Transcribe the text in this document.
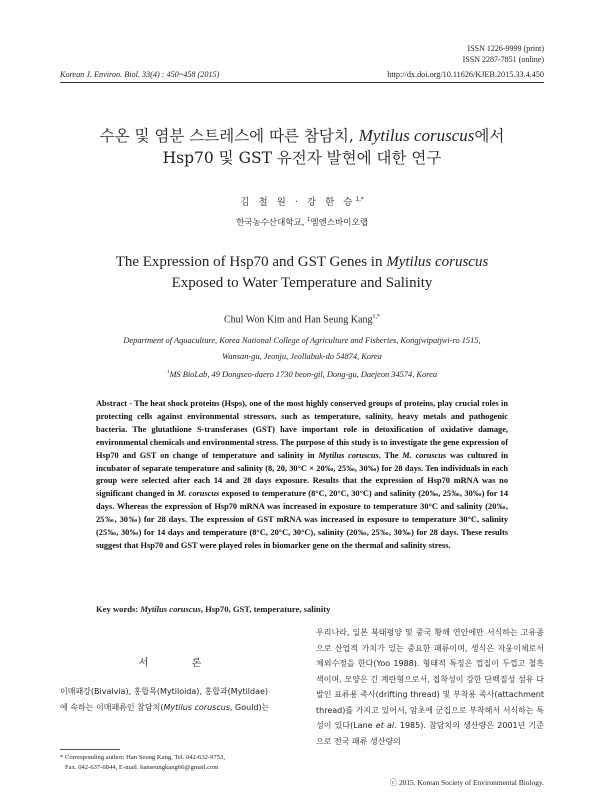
ISSN 1226-9999 (print)
ISSN 2287-7851 (online)
Korean J. Environ. Biol. 33(4) : 450~458 (2015)	http://dx.doi.org/10.11626/KJEB.2015.33.4.450
수온 및 염분 스트레스에 따른 참담치, Mytilus coruscus에서
Hsp70 및 GST 유전자 발현에 대한 연구
김 철 원 · 강 한 승$^{1,*}$
한국농수산대학교, $^1$엠엔스바이오랩
The Expression of Hsp70 and GST Genes in Mytilus coruscus
Exposed to Water Temperature and Salinity
Chul Won Kim and Han Seung Kang$^{1,*}$
Department of Aquaculture, Korea National College of Agriculture and Fisheries, Kongjwipatjwi-ro 1515,
Wansan-gu, Jeonju, Jeollabuk-do 54874, Korea
$^1$MS BioLab, 49 Dongseo-daero 1730 beon-gil, Dong-gu, Daejeon 34574, Korea
Abstract - The heat shock proteins (Hsps), one of the most highly conserved groups of proteins, play crucial roles in protecting cells against environmental stressors, such as temperature, salinity, heavy metals and pathogenic bacteria. The glutathione S-transferases (GST) have important role in detoxification of oxidative damage, environmental chemicals and environmental stress. The purpose of this study is to investigate the gene expression of Hsp70 and GST on change of temperature and salinity in Mytilus coruscus. The M. coruscus was cultured in incubator of separate temperature and salinity (8, 20, 30°C × 20‰, 25‰, 30‰) for 28 days. Ten individuals in each group were selected after each 14 and 28 days exposure. Results that the expression of Hsp70 mRNA was no significant changed in M. coruscus exposed to temperature (8°C, 20°C, 30°C) and salinity (20‰, 25‰, 30‰) for 14 days. Whereas the expression of Hsp70 mRNA was increased in exposure to temperature 30°C and salinity (20‰, 25‰, 30‰) for 28 days. The expression of GST mRNA was increased in exposure to temperature 30°C, salinity (25‰, 30‰) for 14 days and temperature (8°C, 20°C, 30°C), salinity (20‰, 25‰, 30‰) for 28 days. These results suggest that Hsp70 and GST were played roles in biomarker gene on the thermal and salinity stress.
Key words: Mytilus coruscus, Hsp70, GST, temperature, salinity
서 론
이매패강(Bivalvia), 홍합목(Mytiloida), 홍합과(Mytildae)
에 속하는 이매패류인 참담치(Mytilus coruscus, Gould)는
* Corresponding author: Han Seung Kang, Tel. 042-632-9753,
Fax. 042-637-6844, E-mail. hanseungkang66@gmail.com
우리나라, 일본 북태평양 및 중국 황해 연안에만 서식하는 고유종으로 산업적 가치가 있는 중요한 패류이며, 생식은 자웅이체로서 체외수정을 한다(Yoo 1988). 형태적 특징은 껍질이 두껍고 철흑색이며, 모양은 긴 계란형으로서, 접착성이 강한 단백질성 섬유 다발인 표류용 족사(drifting thread) 및 부착용 족사(attachment thread)를 가지고 있어서, 암초에 군집으로 부착해서 서식하는 특성이 있다(Lane et al. 1985). 참담치의 생산량은 2001년 기준으로 전국 패류 생산량의
ⓒ 2015. Korean Society of Environmental Biology.
